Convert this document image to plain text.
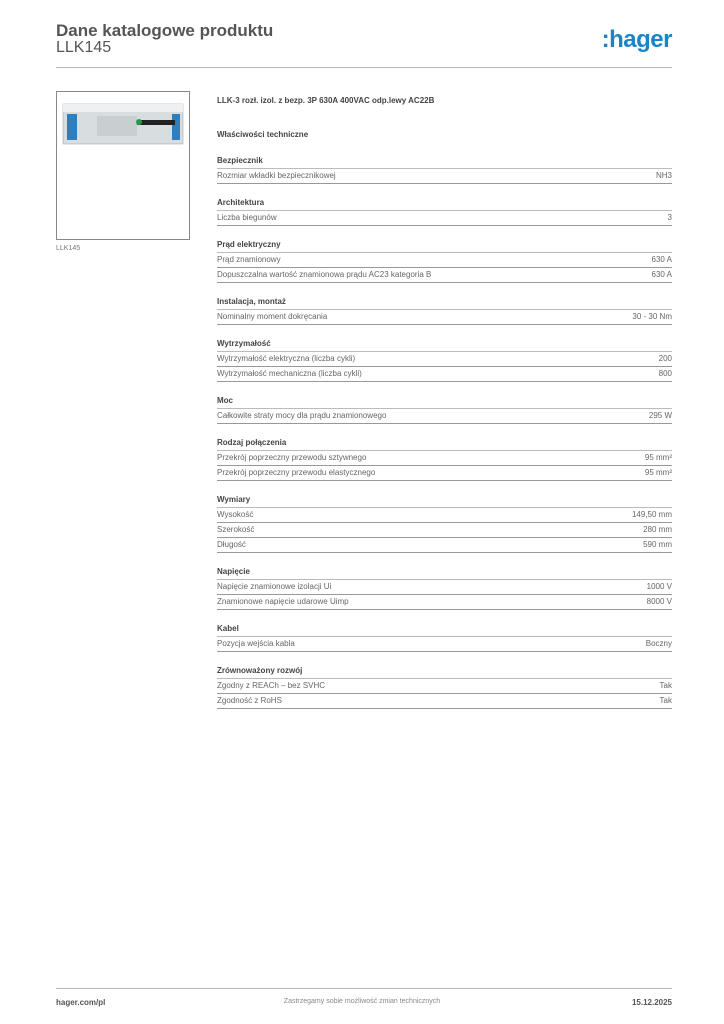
Dane katalogowe produktu
LLK145	:hager
LLK145
LLK-3 rozł. izol. z bezp. 3P 630A 400VAC odp.lewy AC22B
Właściwości techniczne
Bezpiecznik
Rozmiar wkładki bezpiecznikowej	NH3
Architektura
Liczba biegunów	3
Prąd elektryczny
Prąd znamionowy	630 A
Dopuszczalna wartość znamionowa prądu AC23 kategoria B	630 A
Instalacja, montaż
Nominalny moment dokręcania	30 - 30 Nm
Wytrzymałość
Wytrzymałość elektryczna (liczba cykli)	200
Wytrzymałość mechaniczna (liczba cykli)	800
Moc
Całkowite straty mocy dla prądu znamionowego	295 W
Rodzaj połączenia
Przekrój poprzeczny przewodu sztywnego	95 mm²
Przekrój poprzeczny przewodu elastycznego	95 mm²
Wymiary
Wysokość	149,50 mm
Szerokość	280 mm
Długość	590 mm
Napięcie
Napięcie znamionowe izolacji Ui	1000 V
Znamionowe napięcie udarowe Uimp	8000 V
Kabel
Pozycja wejścia kabla	Boczny
Zrównoważony rozwój
Zgodny z REACh – bez SVHC	Tak
Zgodność z RoHS	Tak
hager.com/pl	Zastrzegamy sobie możliwość zmian technicznych	15.12.2025
